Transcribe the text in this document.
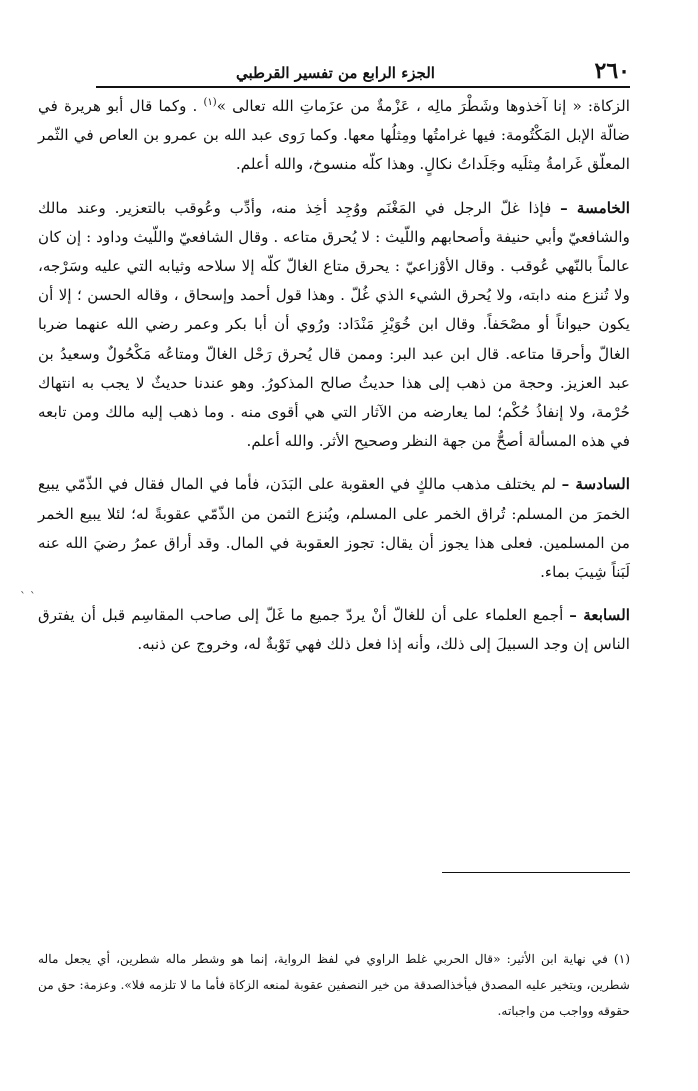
٢٦٠
الجزء الرابع من تفسير القرطبي

الزكاة: « إنا آخذوها وشَطْرَ مالِه ، عَزْمةٌ من عزَماتِ الله تعالى »$^{(١)}$ . وكما قال أبو هريرة في ضالّة الإبل المَكْتُومة: فيها غرامتُها ومِثلُها معها. وكما رَوى عبد الله بن عمرو بن العاص في الثّمر المعلّق غَرامةُ مِثلَيه وجَلَداتُ نكالٍ. وهذا كلّه منسوخ، والله أعلم.

الخامسة – فإذا غلّ الرجل في المَغْنَم ووُجِد أخِذ منه، وأدِّب وعُوقب بالتعزير. وعند مالك والشافعيّ وأبي حنيفة وأصحابهم واللّيث : لا يُحرق متاعه . وقال الشافعيّ واللّيث وداود : إن كان عالماً بالنّهي عُوقب . وقال الأوْزاعيّ : يحرق متاع الغالّ كلّه إلا سلاحه وثيابه التي عليه وسَرْجه، ولا تُنزع منه دابته، ولا يُحرق الشيء الذي غُلّ . وهذا قول أحمد وإسحاق ، وقاله الحسن ؛ إلا أن يكون حيواناً أو مصْحَفاً. وقال ابن خُوَيْزِ مَنْدَاد: ورُوي أن أبا بكر وعمر رضي الله عنهما ضربا الغالّ وأحرقا متاعه. قال ابن عبد البر: وممن قال يُحرق رَحْل الغالّ ومتاعُه مَكْحُولٌ وسعيدُ بن عبد العزيز. وحجة من ذهب إلى هذا حديثُ صالح المذكورُ. وهو عندنا حديثٌ لا يجب به انتهاك حُرْمة، ولا إنفاذُ حُكْم؛ لما يعارضه من الآثار التي هي أقوى منه . وما ذهب إليه مالك ومن تابعه في هذه المسألة أصحُّ من جهة النظر وصحيح الأثر. والله أعلم.

السادسة – لم يختلف مذهب مالكٍ في العقوبة على البَدَن، فأما في المال فقال في الذّمّي يبيع الخمرَ من المسلم: تُراق الخمر على المسلم، ويُنزع الثمن من الذّمّي عقوبةً له؛ لئلا يبيع الخمر من المسلمين. فعلى هذا يجوز أن يقال: تجوز العقوبة في المال. وقد أراق عمرُ رضيَ الله عنه لَبَناً شِيبَ بماء.

السابعة – أجمع العلماء على أن للغالّ أنْ يردّ جميع ما غَلّ إلى صاحب المقاسِم قبل أن يفترق الناس إن وجد السبيلَ إلى ذلك، وأنه إذا فعل ذلك فهي تَوْبةٌ له، وخروج عن ذنبه.

` `
(١)في نهاية ابن الأثير: «قال الحربي غلط الراوي في لفظ الرواية، إنما هو وشطر ماله شطرين، أي يجعل ماله شطرين، ويتخير عليه المصدق فيأخذالصدقة من خير النصفين عقوبة لمنعه الزكاة فأما ما لا تلزمه فلا». وعزمة: حق من حقوقه وواجب من واجباته.
